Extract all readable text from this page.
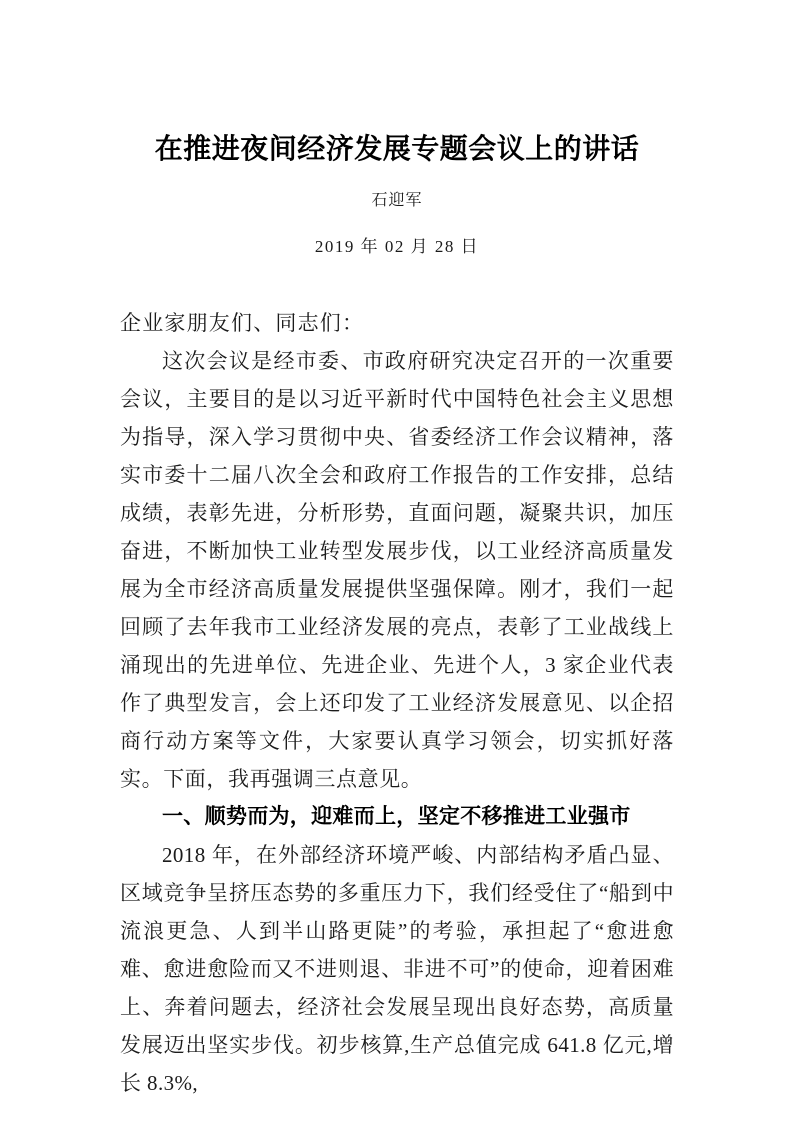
在推进夜间经济发展专题会议上的讲话
石迎军
2019 年 02 月 28 日

企业家朋友们、同志们：

这次会议是经市委、市政府研究决定召开的一次重要会议，主要目的是以习近平新时代中国特色社会主义思想为指导，深入学习贯彻中央、省委经济工作会议精神，落实市委十二届八次全会和政府工作报告的工作安排，总结成绩，表彰先进，分析形势，直面问题，凝聚共识，加压奋进，不断加快工业转型发展步伐，以工业经济高质量发展为全市经济高质量发展提供坚强保障。刚才，我们一起回顾了去年我市工业经济发展的亮点，表彰了工业战线上涌现出的先进单位、先进企业、先进个人，3 家企业代表作了典型发言，会上还印发了工业经济发展意见、以企招商行动方案等文件，大家要认真学习领会，切实抓好落实。下面，我再强调三点意见。

一、顺势而为，迎难而上，坚定不移推进工业强市

2018 年，在外部经济环境严峻、内部结构矛盾凸显、区域竞争呈挤压态势的多重压力下，我们经受住了“船到中流浪更急、人到半山路更陡”的考验，承担起了“愈进愈难、愈进愈险而又不进则退、非进不可”的使命，迎着困难上、奔着问题去，经济社会发展呈现出良好态势，高质量发展迈出坚实步伐。初步核算,生产总值完成 641.8 亿元,增长 8.3%,
